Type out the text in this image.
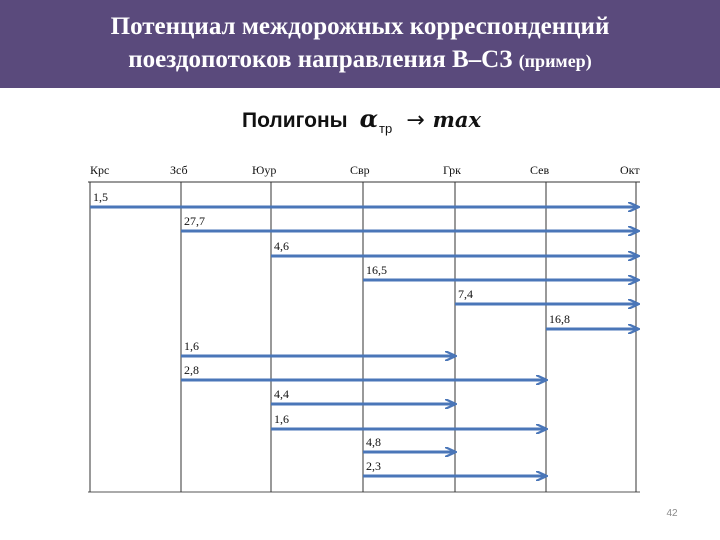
Потенциал междорожных корреспонденций
поездопотоков направления В–СЗ (пример)
Полигоны α тр → max
Крс	Зсб	Юур	Свр	Грк	Сев	Окт
1,5
27,7
4,6
16,5
7,4
16,8
1,6
2,8
4,4
1,6
4,8
2,3
42
